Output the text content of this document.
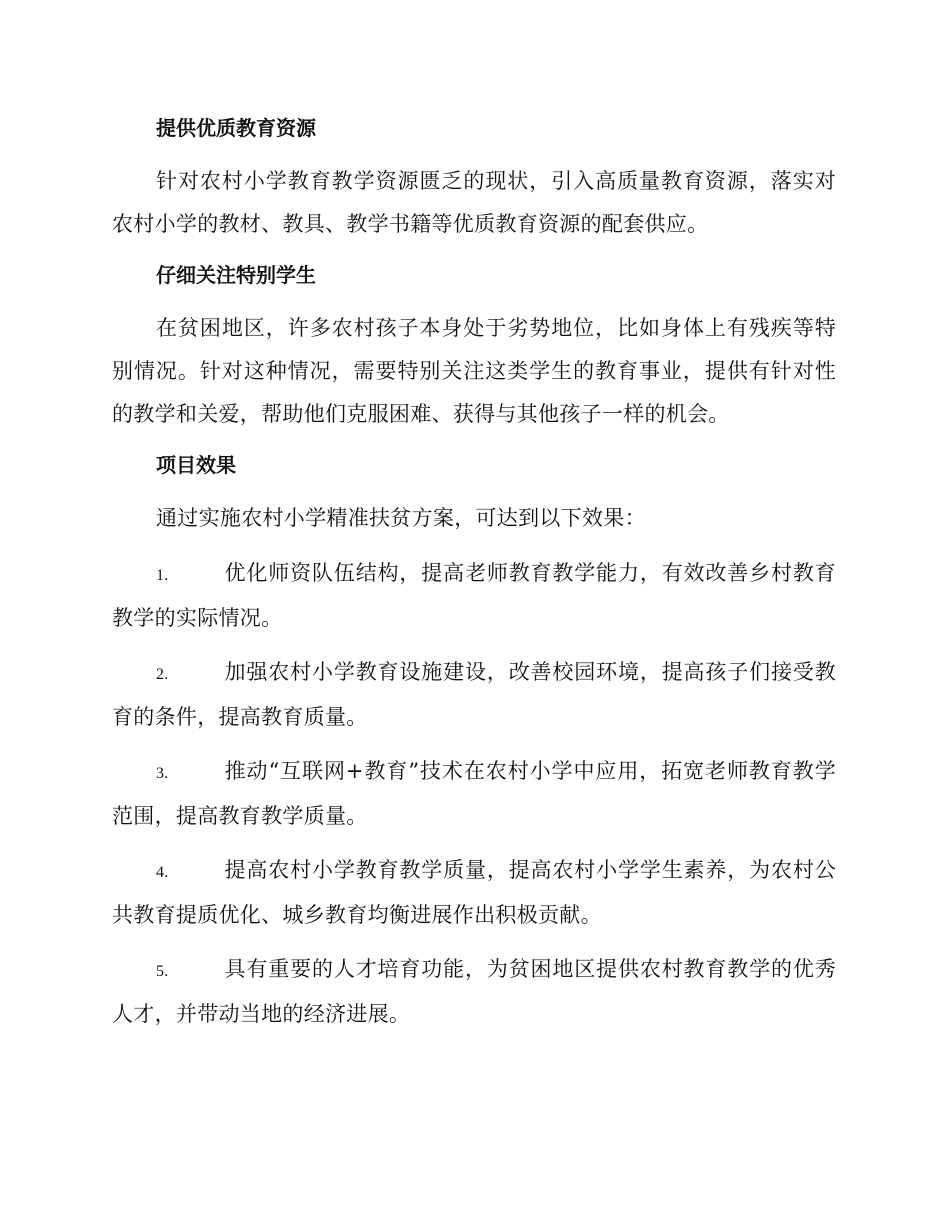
提供优质教育资源

针对农村小学教育教学资源匮乏的现状，引入高质量教育资源，落实对农村小学的教材、教具、教学书籍等优质教育资源的配套供应。

仔细关注特别学生

在贫困地区，许多农村孩子本身处于劣势地位，比如身体上有残疾等特别情况。针对这种情况，需要特别关注这类学生的教育事业，提供有针对性的教学和关爱，帮助他们克服困难、获得与其他孩子一样的机会。

项目效果

通过实施农村小学精准扶贫方案，可达到以下效果：

1.	优化师资队伍结构，提高老师教育教学能力，有效改善乡村教育教学的实际情况。

2.	加强农村小学教育设施建设，改善校园环境，提高孩子们接受教育的条件，提高教育质量。

3.	推动“互联网+教育”技术在农村小学中应用，拓宽老师教育教学范围，提高教育教学质量。

4.	提高农村小学教育教学质量，提高农村小学学生素养，为农村公共教育提质优化、城乡教育均衡进展作出积极贡献。

5.	具有重要的人才培育功能，为贫困地区提供农村教育教学的优秀人才，并带动当地的经济进展。
